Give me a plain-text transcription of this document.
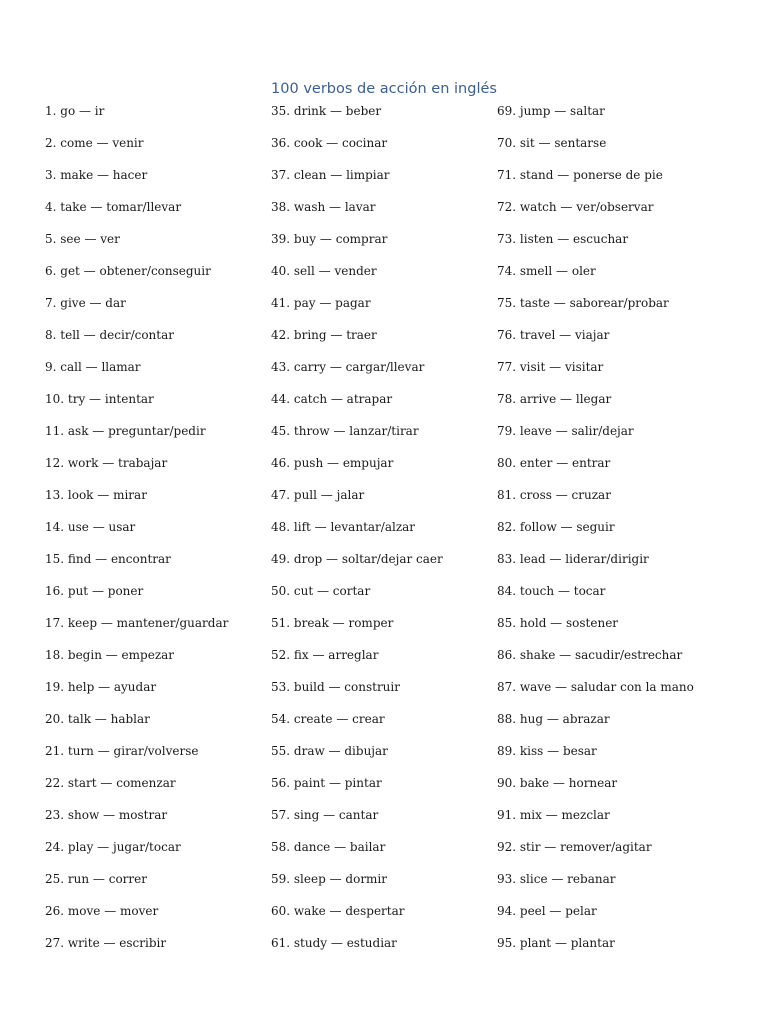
100 verbos de acción en inglés
1. go — ir
2. come — venir
3. make — hacer
4. take — tomar/llevar
5. see — ver
6. get — obtener/conseguir
7. give — dar
8. tell — decir/contar
9. call — llamar
10. try — intentar
11. ask — preguntar/pedir
12. work — trabajar
13. look — mirar
14. use — usar
15. find — encontrar
16. put — poner
17. keep — mantener/guardar
18. begin — empezar
19. help — ayudar
20. talk — hablar
21. turn — girar/volverse
22. start — comenzar
23. show — mostrar
24. play — jugar/tocar
25. run — correr
26. move — mover
27. write — escribir
35. drink — beber
36. cook — cocinar
37. clean — limpiar
38. wash — lavar
39. buy — comprar
40. sell — vender
41. pay — pagar
42. bring — traer
43. carry — cargar/llevar
44. catch — atrapar
45. throw — lanzar/tirar
46. push — empujar
47. pull — jalar
48. lift — levantar/alzar
49. drop — soltar/dejar caer
50. cut — cortar
51. break — romper
52. fix — arreglar
53. build — construir
54. create — crear
55. draw — dibujar
56. paint — pintar
57. sing — cantar
58. dance — bailar
59. sleep — dormir
60. wake — despertar
61. study — estudiar
69. jump — saltar
70. sit — sentarse
71. stand — ponerse de pie
72. watch — ver/observar
73. listen — escuchar
74. smell — oler
75. taste — saborear/probar
76. travel — viajar
77. visit — visitar
78. arrive — llegar
79. leave — salir/dejar
80. enter — entrar
81. cross — cruzar
82. follow — seguir
83. lead — liderar/dirigir
84. touch — tocar
85. hold — sostener
86. shake — sacudir/estrechar
87. wave — saludar con la mano
88. hug — abrazar
89. kiss — besar
90. bake — hornear
91. mix — mezclar
92. stir — remover/agitar
93. slice — rebanar
94. peel — pelar
95. plant — plantar
